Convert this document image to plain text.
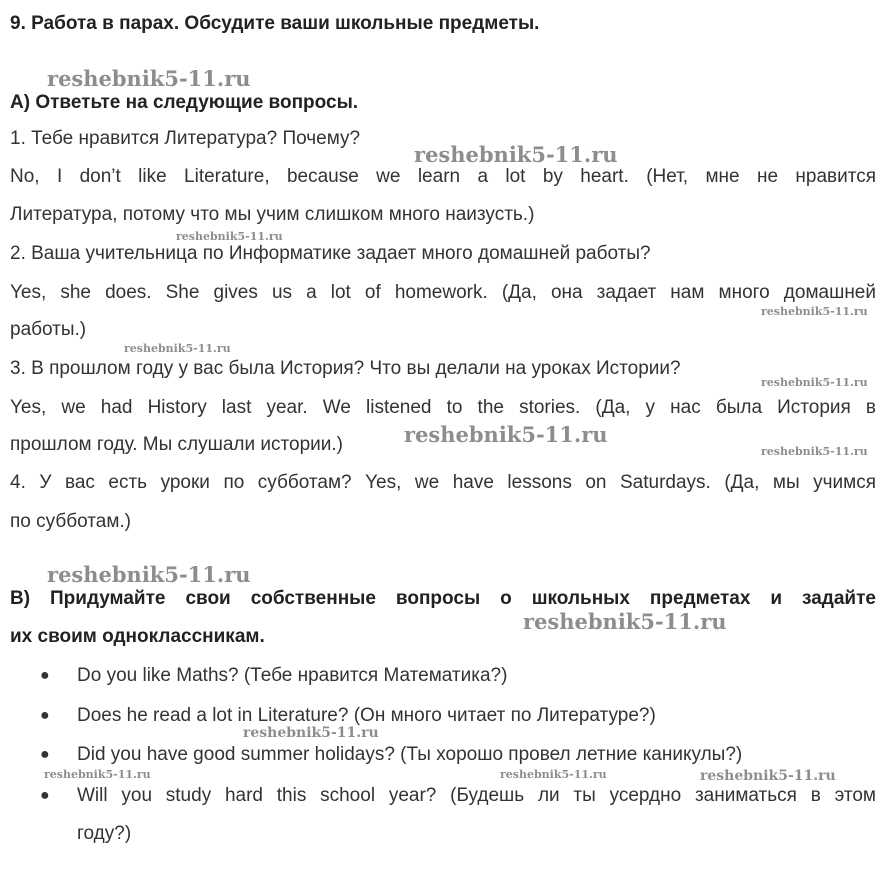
9. Работа в парах. Обсудите ваши школьные предметы.
А) Ответьте на следующие вопросы.
1. Тебе нравится Литература? Почему?
No, I don’t like Literature, because we learn a lot by heart. (Нет, мне не нравится
Литература, потому что мы учим слишком много наизусть.)
2. Ваша учительница по Информатике задает много домашней работы?
Yes, she does. She gives us a lot of homework. (Да, она задает нам много домашней
работы.)
3. В прошлом году у вас была История? Что вы делали на уроках Истории?
Yes, we had History last year. We listened to the stories. (Да, у нас была История в
прошлом году. Мы слушали истории.)
4. У вас есть уроки по субботам? Yes, we have lessons on Saturdays. (Да, мы учимся
по субботам.)
В) Придумайте свои собственные вопросы о школьных предметах и задайте
их своим одноклассникам.
●	Do you like Maths? (Тебе нравится Математика?)
●	Does he read a lot in Literature? (Он много читает по Литературе?)
●	Did you have good summer holidays? (Ты хорошо провел летние каникулы?)
●	Will you study hard this school year? (Будешь ли ты усердно заниматься в этом
году?)
reshebnik5-11.ru
reshebnik5-11.ru
reshebnik5-11.ru
reshebnik5-11.ru
reshebnik5-11.ru
reshebnik5-11.ru
reshebnik5-11.ru
reshebnik5-11.ru
reshebnik5-11.ru
reshebnik5-11.ru
reshebnik5-11.ru
reshebnik5-11.ru	reshebnik5-11.ru	reshebnik5-11.ru
